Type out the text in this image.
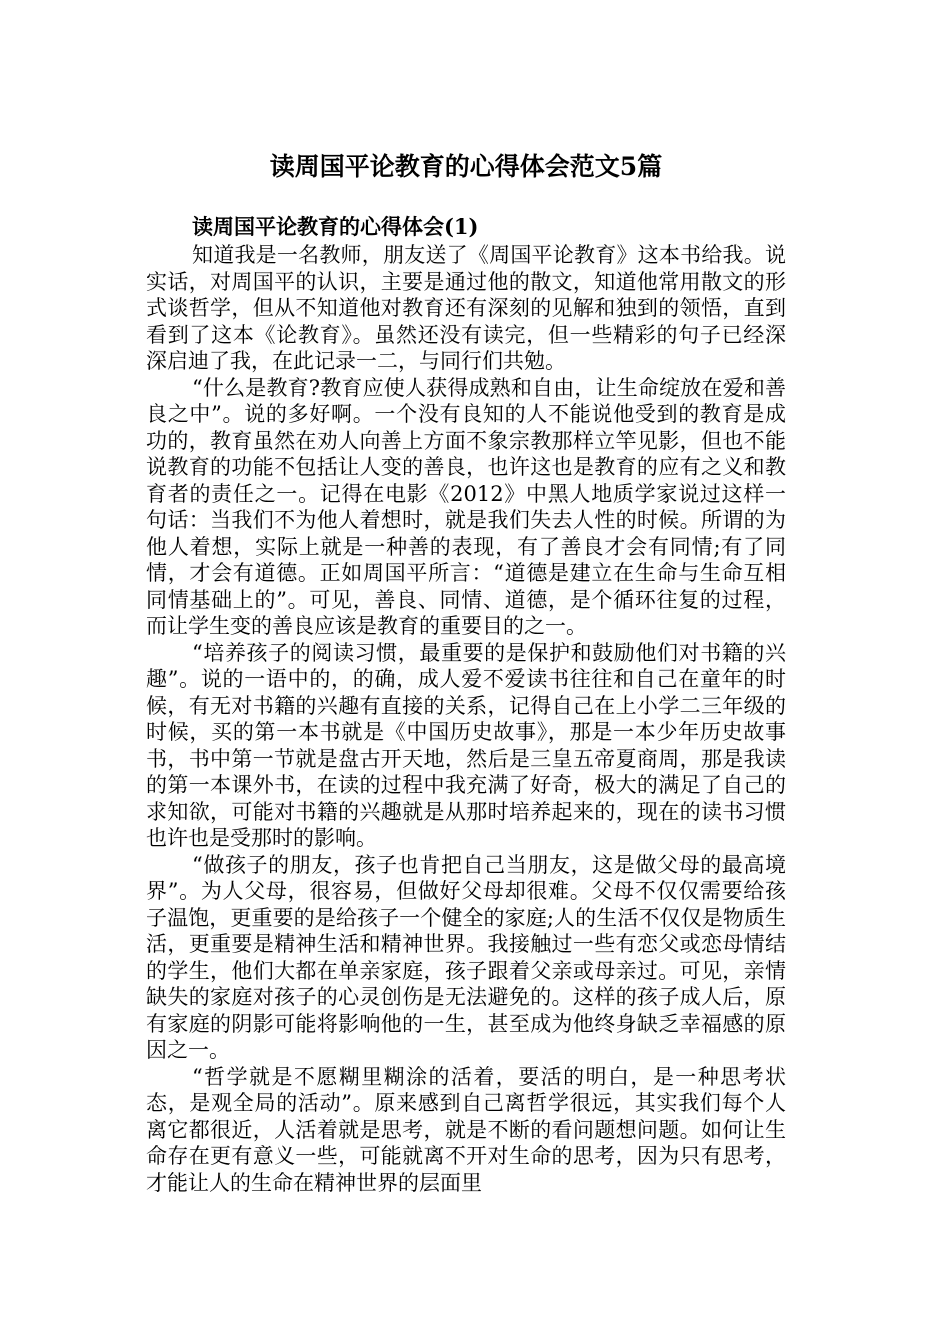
读周国平论教育的心得体会范文5篇
读周国平论教育的心得体会(1)

知道我是一名教师，朋友送了《周国平论教育》这本书给我。说实话，对周国平的认识，主要是通过他的散文，知道他常用散文的形式谈哲学，但从不知道他对教育还有深刻的见解和独到的领悟，直到看到了这本《论教育》。虽然还没有读完，但一些精彩的句子已经深深启迪了我，在此记录一二，与同行们共勉。

“什么是教育?教育应使人获得成熟和自由，让生命绽放在爱和善良之中”。说的多好啊。一个没有良知的人不能说他受到的教育是成功的，教育虽然在劝人向善上方面不象宗教那样立竿见影，但也不能说教育的功能不包括让人变的善良，也许这也是教育的应有之义和教育者的责任之一。记得在电影《2012》中黑人地质学家说过这样一句话：当我们不为他人着想时，就是我们失去人性的时候。所谓的为他人着想，实际上就是一种善的表现，有了善良才会有同情;有了同情，才会有道德。正如周国平所言：“道德是建立在生命与生命互相同情基础上的”。可见，善良、同情、道德，是个循环往复的过程，而让学生变的善良应该是教育的重要目的之一。

“培养孩子的阅读习惯，最重要的是保护和鼓励他们对书籍的兴趣”。说的一语中的，的确，成人爱不爱读书往往和自己在童年的时候，有无对书籍的兴趣有直接的关系，记得自己在上小学二三年级的时候，买的第一本书就是《中国历史故事》，那是一本少年历史故事书，书中第一节就是盘古开天地，然后是三皇五帝夏商周，那是我读的第一本课外书，在读的过程中我充满了好奇，极大的满足了自己的求知欲，可能对书籍的兴趣就是从那时培养起来的，现在的读书习惯也许也是受那时的影响。

“做孩子的朋友，孩子也肯把自己当朋友，这是做父母的最高境界”。为人父母，很容易，但做好父母却很难。父母不仅仅需要给孩子温饱，更重要的是给孩子一个健全的家庭;人的生活不仅仅是物质生活，更重要是精神生活和精神世界。我接触过一些有恋父或恋母情结的学生，他们大都在单亲家庭，孩子跟着父亲或母亲过。可见，亲情缺失的家庭对孩子的心灵创伤是无法避免的。这样的孩子成人后，原有家庭的阴影可能将影响他的一生，甚至成为他终身缺乏幸福感的原因之一。

“哲学就是不愿糊里糊涂的活着，要活的明白，是一种思考状态，是观全局的活动”。原来感到自己离哲学很远，其实我们每个人离它都很近，人活着就是思考，就是不断的看问题想问题。如何让生命存在更有意义一些，可能就离不开对生命的思考，因为只有思考，才能让人的生命在精神世界的层面里
